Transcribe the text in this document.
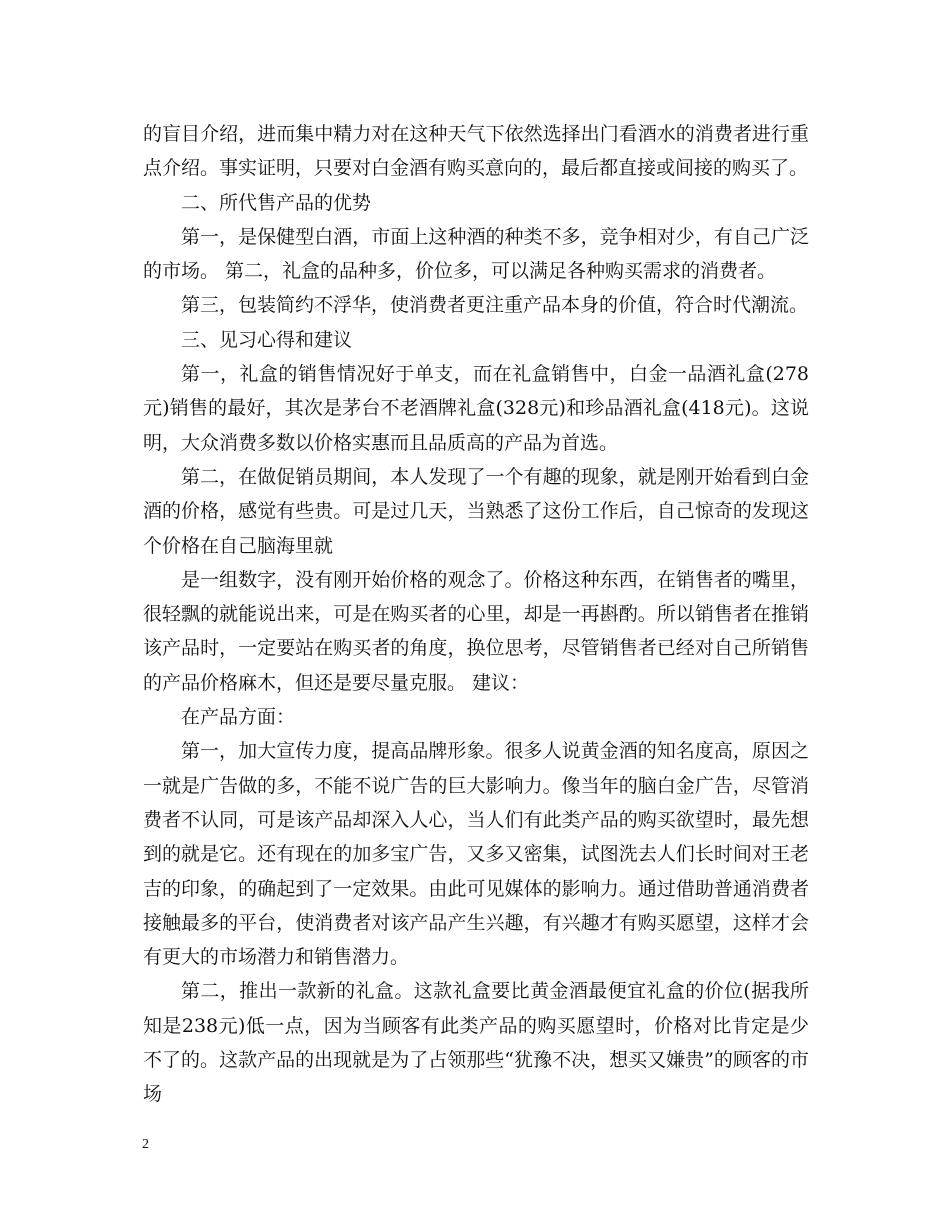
的盲目介绍，进而集中精力对在这种天气下依然选择出门看酒水的消费者进行重点介绍。事实证明，只要对白金酒有购买意向的，最后都直接或间接的购买了。

二、所代售产品的优势

第一，是保健型白酒，市面上这种酒的种类不多，竞争相对少，有自己广泛的市场。 第二，礼盒的品种多，价位多，可以满足各种购买需求的消费者。

第三，包装简约不浮华，使消费者更注重产品本身的价值，符合时代潮流。

三、见习心得和建议

第一，礼盒的销售情况好于单支，而在礼盒销售中，白金一品酒礼盒(278元)销售的最好，其次是茅台不老酒牌礼盒(328元)和珍品酒礼盒(418元)。这说明，大众消费多数以价格实惠而且品质高的产品为首选。

第二，在做促销员期间，本人发现了一个有趣的现象，就是刚开始看到白金酒的价格，感觉有些贵。可是过几天，当熟悉了这份工作后，自己惊奇的发现这个价格在自己脑海里就

是一组数字，没有刚开始价格的观念了。价格这种东西，在销售者的嘴里，很轻飘的就能说出来，可是在购买者的心里，却是一再斟酌。所以销售者在推销该产品时，一定要站在购买者的角度，换位思考，尽管销售者已经对自己所销售的产品价格麻木，但还是要尽量克服。 建议：

在产品方面：

第一，加大宣传力度，提高品牌形象。很多人说黄金酒的知名度高，原因之一就是广告做的多，不能不说广告的巨大影响力。像当年的脑白金广告，尽管消费者不认同，可是该产品却深入人心，当人们有此类产品的购买欲望时，最先想到的就是它。还有现在的加多宝广告，又多又密集，试图洗去人们长时间对王老吉的印象，的确起到了一定效果。由此可见媒体的影响力。通过借助普通消费者接触最多的平台，使消费者对该产品产生兴趣，有兴趣才有购买愿望，这样才会有更大的市场潜力和销售潜力。

第二，推出一款新的礼盒。这款礼盒要比黄金酒最便宜礼盒的价位(据我所知是238元)低一点，因为当顾客有此类产品的购买愿望时，价格对比肯定是少不了的。这款产品的出现就是为了占领那些“犹豫不决，想买又嫌贵”的顾客的市场

2
